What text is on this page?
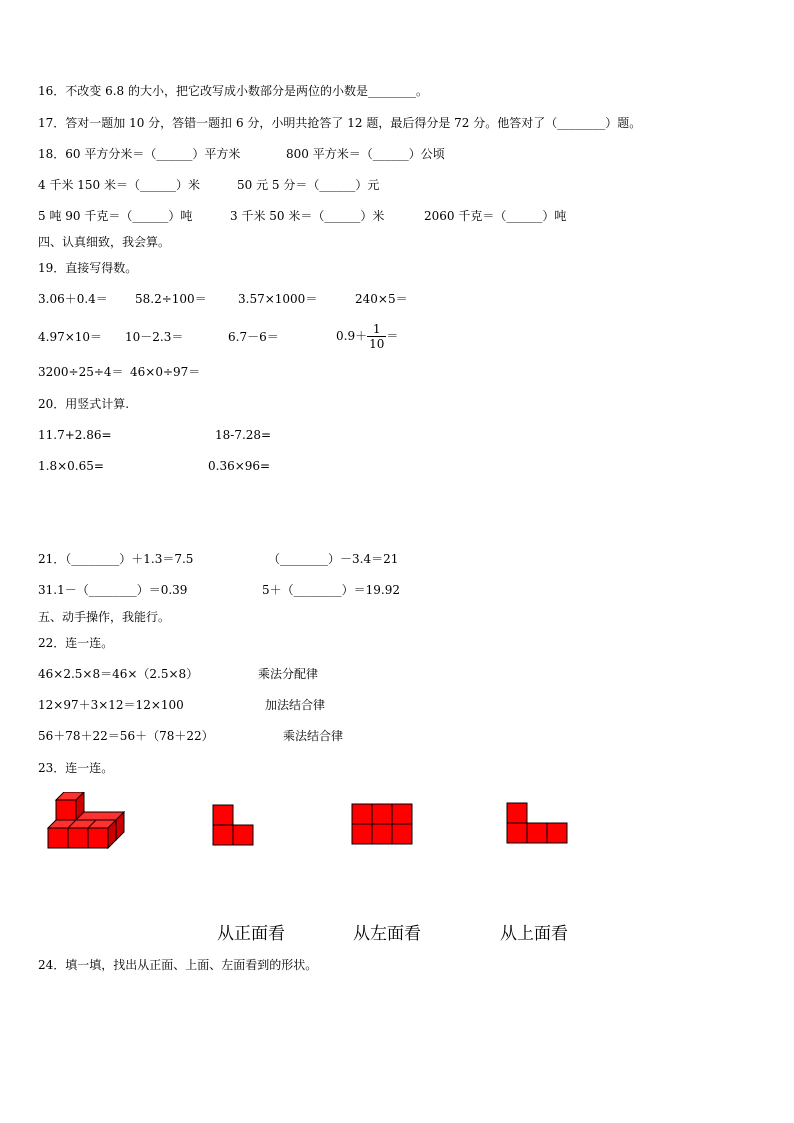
16．不改变 6.8 的大小，把它改写成小数部分是两位的小数是________。
17．答对一题加 10 分，答错一题扣 6 分，小明共抢答了 12 题，最后得分是 72 分。他答对了（________）题。
18．60 平方分米＝（______）平方米	800 平方米＝（______）公顷
4 千米 150 米＝（______）米	50 元 5 分＝（______）元
5 吨 90 千克＝（______）吨	3 千米 50 米＝（______）米	2060 千克＝（______）吨
四、认真细致，我会算。
19．直接写得数。
3.06＋0.4＝ 58.2÷100＝	3.57×1000＝	240×5＝
4.97×10＝ 10－2.3＝	6.7－6＝	$0.9+ \frac{1}{10}$ ＝
3200÷25÷4＝ 46×0÷97＝
20．用竖式计算.
11.7+2.86=	18-7.28=
1.8×0.65=	0.36×96=
21．（________）＋1.3＝7.5	（________）－3.4＝21
31.1－（________）＝0.39	5＋（________）＝19.92
五、动手操作，我能行。
22．连一连。
46×2.5×8＝46×（2.5×8）	乘法分配律
12×97＋3×12＝12×100	加法结合律
56＋78＋22＝56＋（78＋22）	乘法结合律
23．连一连。
从正面看	从左面看	从上面看
24．填一填，找出从正面、上面、左面看到的形状。
